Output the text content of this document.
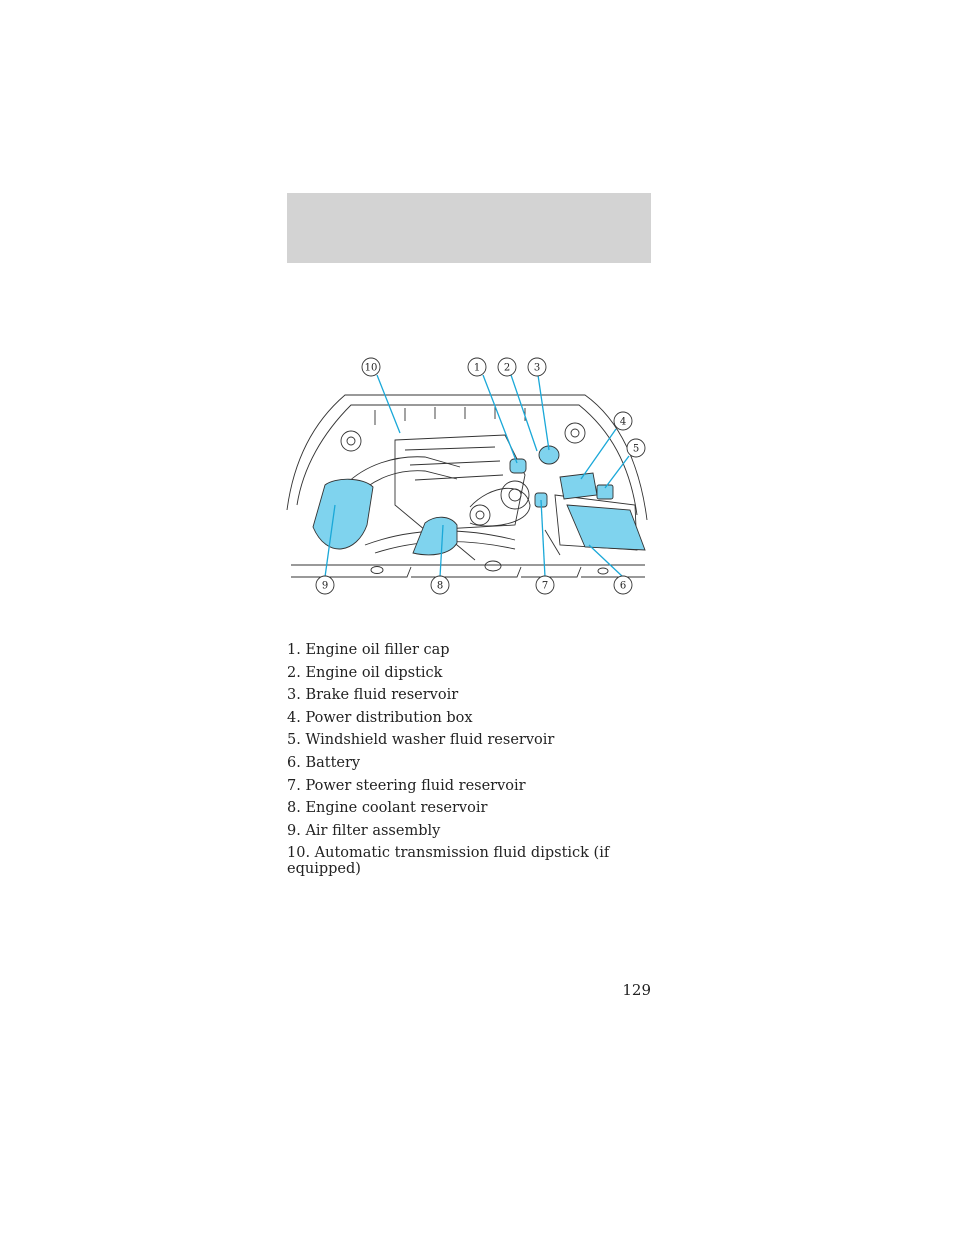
10	1 2 3
4
5
9	8	7	6
1. Engine oil filler cap
2. Engine oil dipstick
3. Brake fluid reservoir
4. Power distribution box
5. Windshield washer fluid reservoir
6. Battery
7. Power steering fluid reservoir
8. Engine coolant reservoir
9. Air filter assembly
10. Automatic transmission fluid dipstick (if equipped)
129
